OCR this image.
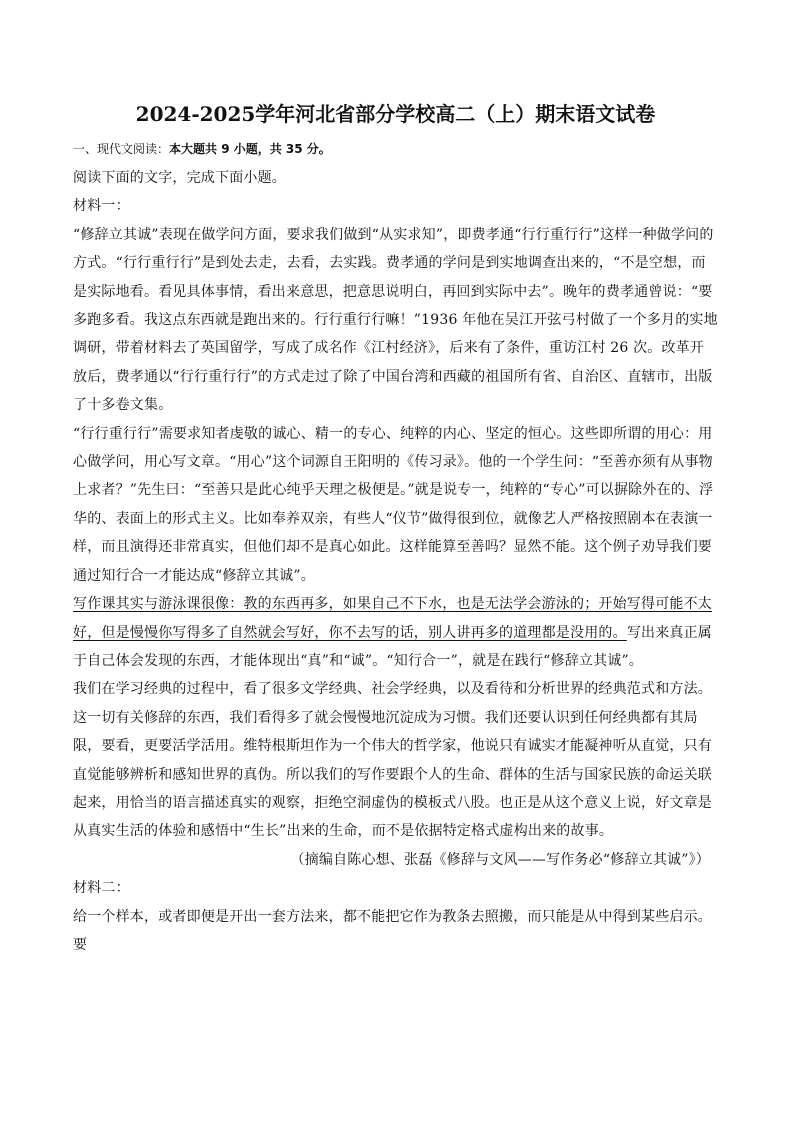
2024-2025学年河北省部分学校高二（上）期末语文试卷
一、现代文阅读：本大题共 9 小题，共 35 分。

阅读下面的文字，完成下面小题。

材料一：

“修辞立其诚”表现在做学问方面，要求我们做到“从实求知”，即费孝通“行行重行行”这样一种做学问的方式。“行行重行行”是到处去走，去看，去实践。费孝通的学问是到实地调查出来的，“不是空想，而是实际地看。看见具体事情，看出来意思，把意思说明白，再回到实际中去”。晚年的费孝通曾说：“要多跑多看。我这点东西就是跑出来的。行行重行行嘛！”1936 年他在吴江开弦弓村做了一个多月的实地调研，带着材料去了英国留学，写成了成名作《江村经济》，后来有了条件，重访江村 26 次。改革开放后，费孝通以“行行重行行”的方式走过了除了中国台湾和西藏的祖国所有省、自治区、直辖市，出版了十多卷文集。

“行行重行行”需要求知者虔敬的诚心、精一的专心、纯粹的内心、坚定的恒心。这些即所谓的用心：用心做学问，用心写文章。“用心”这个词源自王阳明的《传习录》。他的一个学生问：“至善亦须有从事物上求者？”先生曰：“至善只是此心纯乎天理之极便是。”就是说专一，纯粹的“专心”可以摒除外在的、浮华的、表面上的形式主义。比如奉养双亲，有些人“仪节”做得很到位，就像艺人严格按照剧本在表演一样，而且演得还非常真实，但他们却不是真心如此。这样能算至善吗？显然不能。这个例子劝导我们要通过知行合一才能达成“修辞立其诚”。

写作课其实与游泳课很像：教的东西再多，如果自己不下水，也是无法学会游泳的；开始写得可能不太好，但是慢慢你写得多了自然就会写好，你不去写的话，别人讲再多的道理都是没用的。写出来真正属于自己体会发现的东西，才能体现出“真”和“诚”。“知行合一”，就是在践行“修辞立其诚”。

我们在学习经典的过程中，看了很多文学经典、社会学经典，以及看待和分析世界的经典范式和方法。这一切有关修辞的东西，我们看得多了就会慢慢地沉淀成为习惯。我们还要认识到任何经典都有其局限，要看，更要活学活用。维特根斯坦作为一个伟大的哲学家，他说只有诚实才能凝神听从直觉，只有直觉能够辨析和感知世界的真伪。所以我们的写作要跟个人的生命、群体的生活与国家民族的命运关联起来，用恰当的语言描述真实的观察，拒绝空洞虚伪的模板式八股。也正是从这个意义上说，好文章是从真实生活的体验和感悟中“生长”出来的生命，而不是依据特定格式虚构出来的故事。

（摘编自陈心想、张磊《修辞与文风——写作务必“修辞立其诚”》）

材料二：

给一个样本，或者即便是开出一套方法来，都不能把它作为教条去照搬，而只能是从中得到某些启示。要
